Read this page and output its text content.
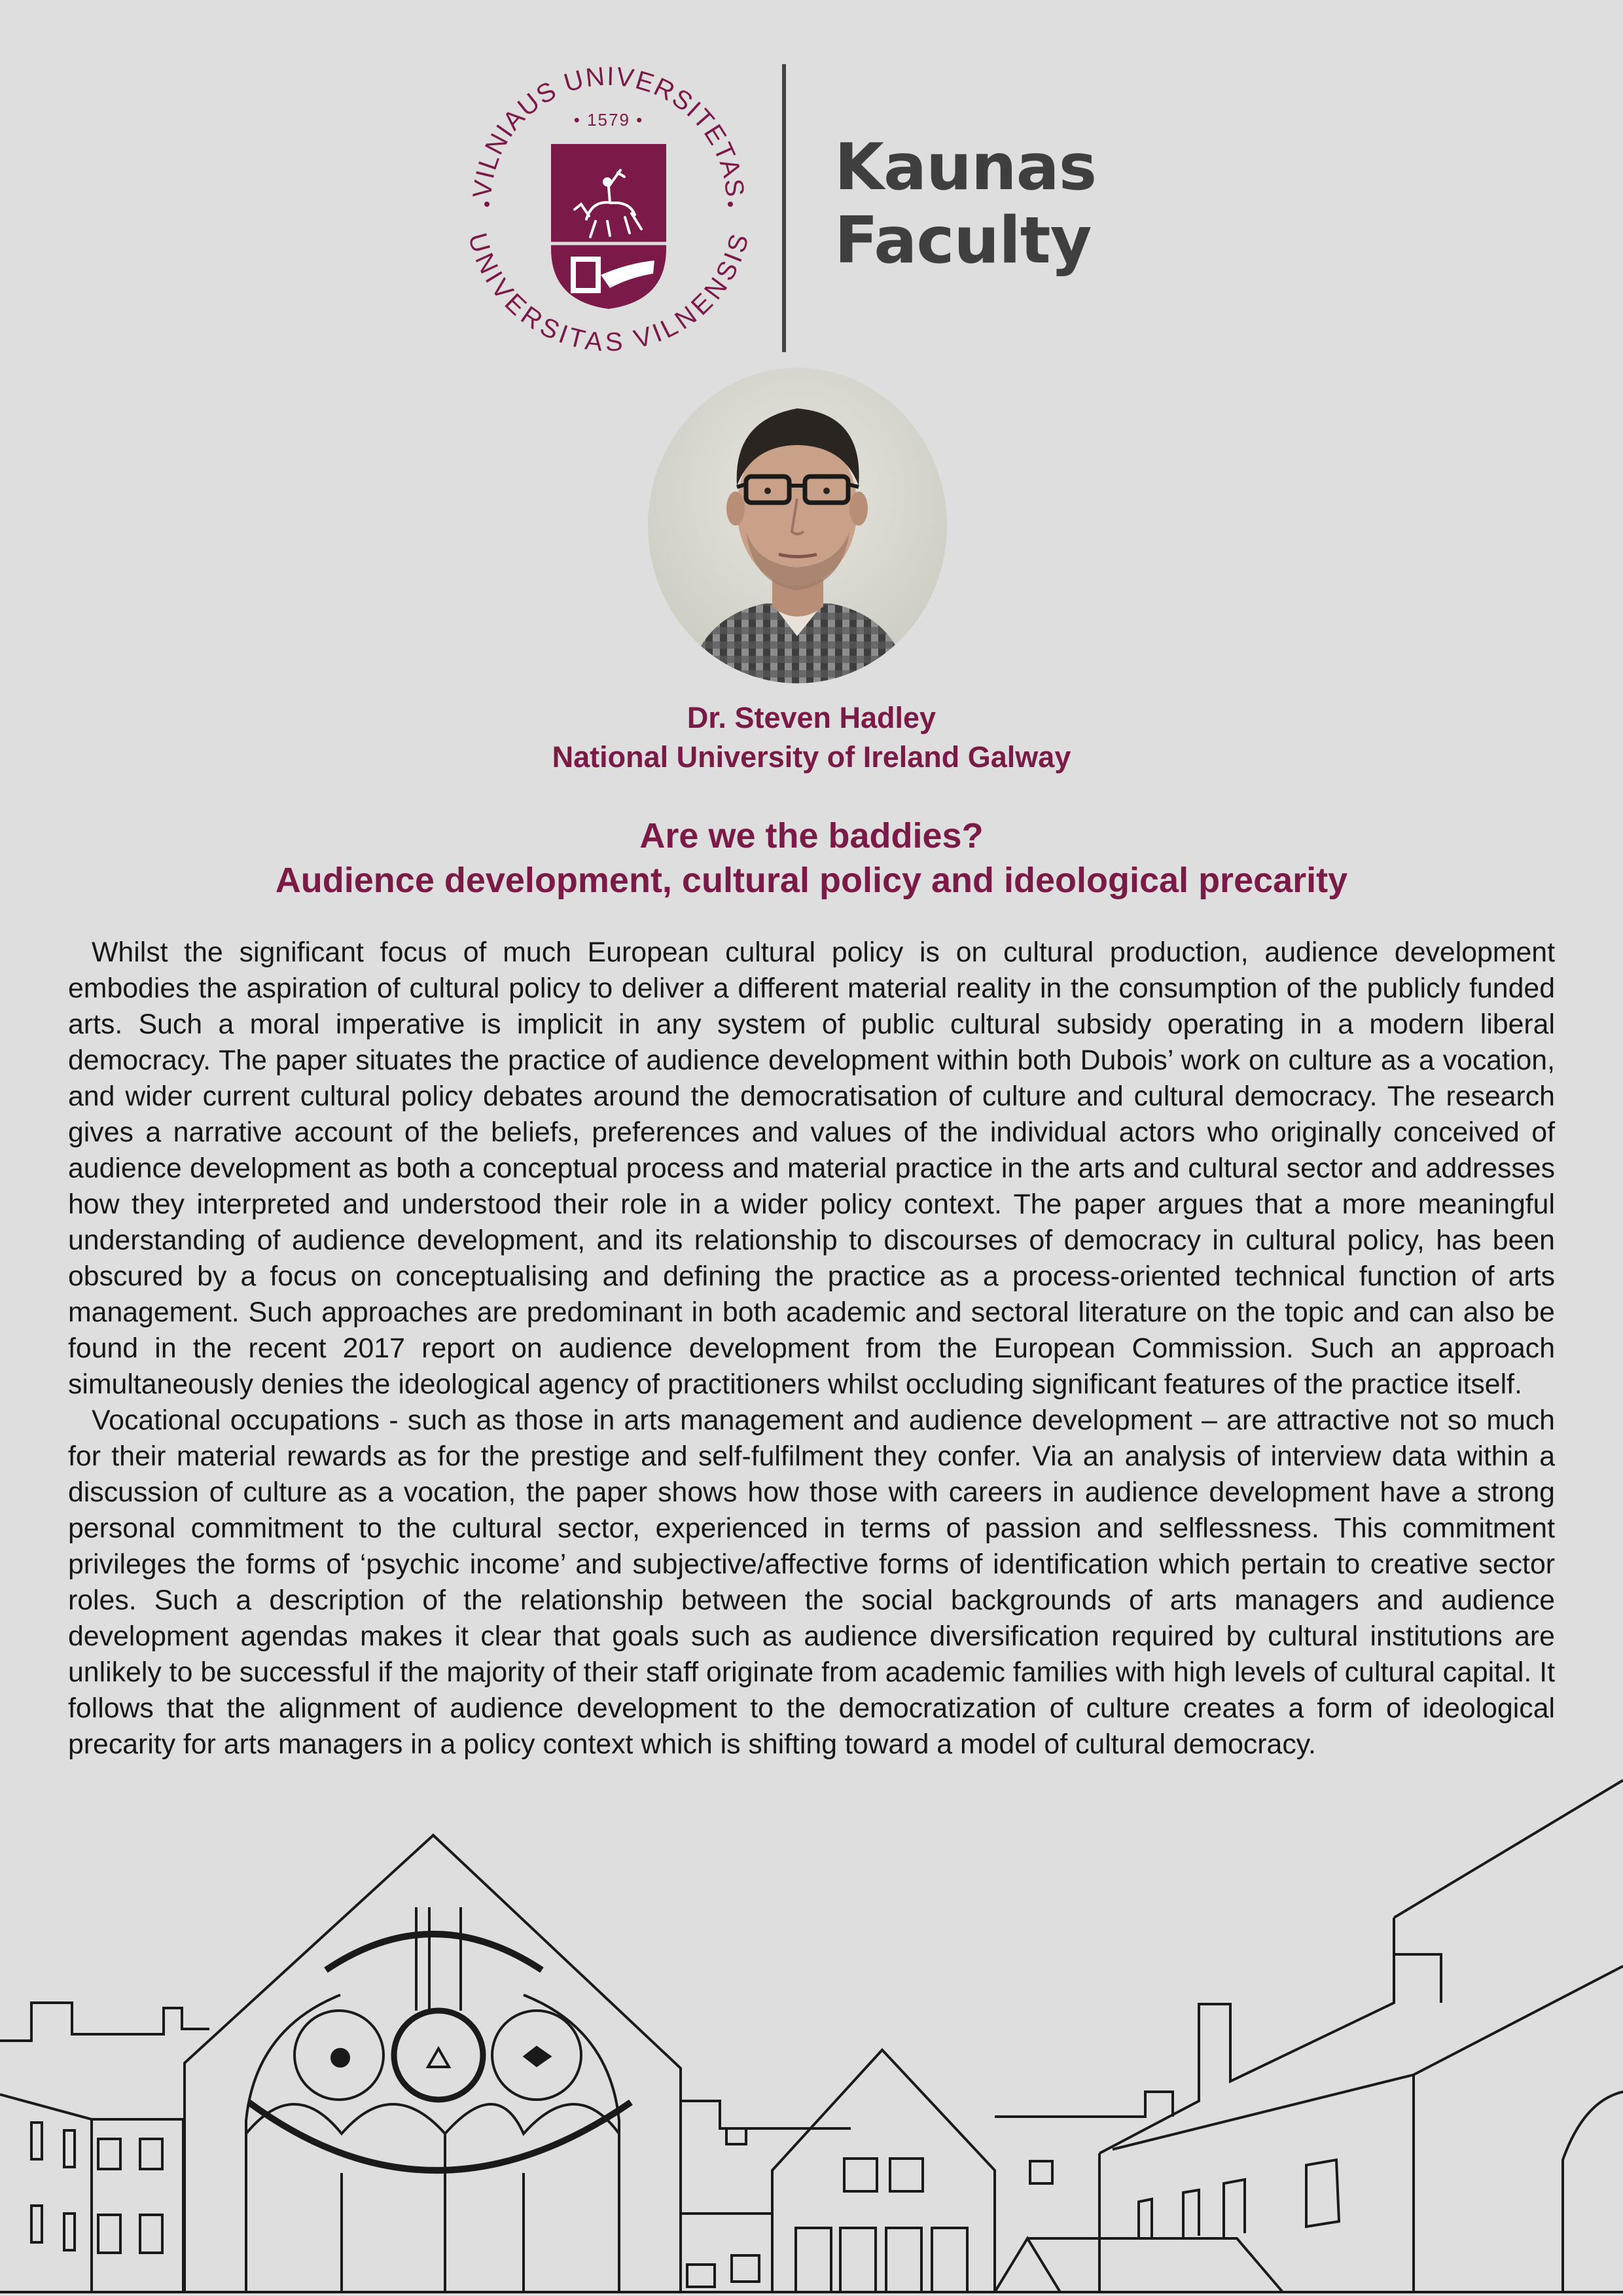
VILNIAUS UNIVERSITETAS
UNIVERSITAS VILNENSIS
• 1579 •
Kaunas
Faculty
Dr. Steven Hadley
National University of Ireland Galway
Are we the baddies?
Audience development, cultural policy and ideological precarity

Whilst the significant focus of much European cultural policy is on cultural production, audience development embodies the aspiration of cultural policy to deliver a different material reality in the consumption of the publicly funded arts. Such a moral imperative is implicit in any system of public cultural subsidy operating in a modern liberal democracy. The paper situates the practice of audience development within both Dubois’ work on culture as a vocation, and wider current cultural policy debates around the democratisation of culture and cultural democracy. The research gives a narrative account of the beliefs, preferences and values of the individual actors who originally conceived of audience development as both a conceptual process and material practice in the arts and cultural sector and addresses how they interpreted and understood their role in a wider policy context. The paper argues that a more meaningful understanding of audience development, and its relationship to discourses of democracy in cultural policy, has been obscured by a focus on conceptualising and defining the practice as a process-oriented technical function of arts management. Such approaches are predominant in both academic and sectoral literature on the topic and can also be found in the recent 2017 report on audience development from the European Commission. Such an approach simultaneously denies the ideological agency of practitioners whilst occluding significant features of the practice itself.

Vocational occupations - such as those in arts management and audience development – are attractive not so much for their material rewards as for the prestige and self-fulfilment they confer. Via an analysis of interview data within a discussion of culture as a vocation, the paper shows how those with careers in audience development have a strong personal commitment to the cultural sector, experienced in terms of passion and selflessness. This commitment privileges the forms of ‘psychic income’ and subjective/affective forms of identification which pertain to creative sector roles. Such a description of the relationship between the social backgrounds of arts managers and audience development agendas makes it clear that goals such as audience diversification required by cultural institutions are unlikely to be successful if the majority of their staff originate from academic families with high levels of cultural capital. It follows that the alignment of audience development to the democratization of culture creates a form of ideological precarity for arts managers in a policy context which is shifting toward a model of cultural democracy.
